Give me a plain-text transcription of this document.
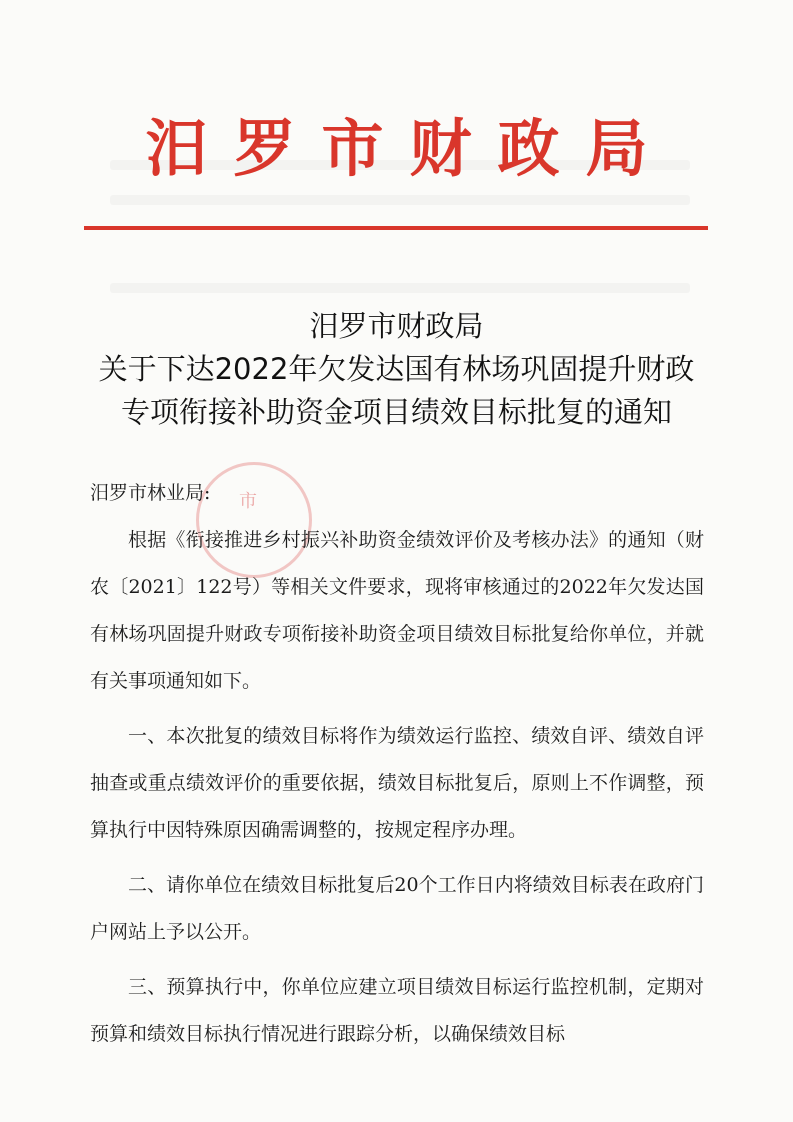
汨罗市财政局
汨罗市财政局
关于下达2022年欠发达国有林场巩固提升财政
专项衔接补助资金项目绩效目标批复的通知
市
汨罗市林业局:

根据《衔接推进乡村振兴补助资金绩效评价及考核办法》的通知（财农〔2021〕122号）等相关文件要求，现将审核通过的2022年欠发达国有林场巩固提升财政专项衔接补助资金项目绩效目标批复给你单位，并就有关事项通知如下。

一、本次批复的绩效目标将作为绩效运行监控、绩效自评、绩效自评抽查或重点绩效评价的重要依据，绩效目标批复后，原则上不作调整，预算执行中因特殊原因确需调整的，按规定程序办理。

二、请你单位在绩效目标批复后20个工作日内将绩效目标表在政府门户网站上予以公开。

三、预算执行中，你单位应建立项目绩效目标运行监控机制，定期对预算和绩效目标执行情况进行跟踪分析，以确保绩效目标
